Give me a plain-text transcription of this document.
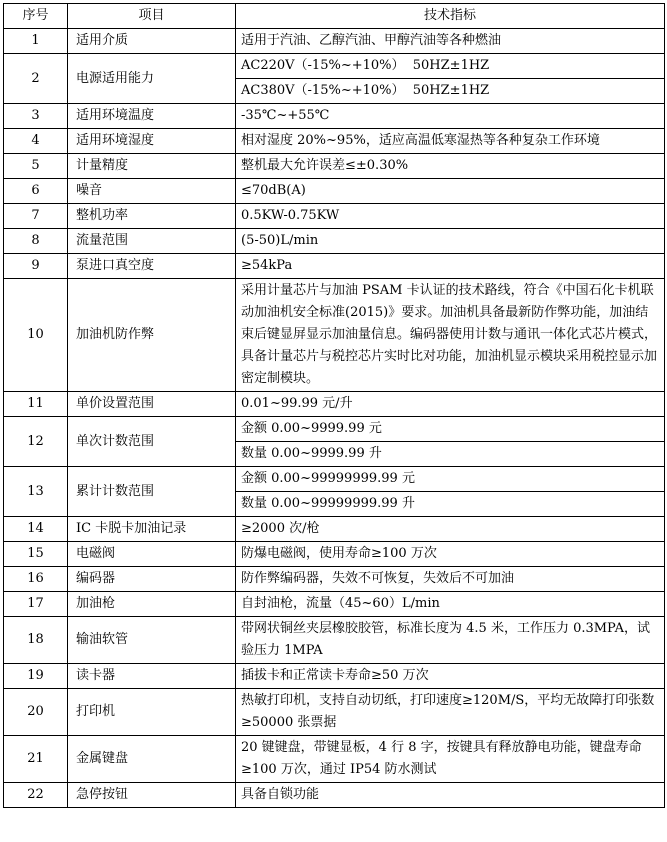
序号	项目	技术指标
1	适用介质	适用于汽油、乙醇汽油、甲醇汽油等各种燃油
2	电源适用能力	AC220V（-15%~+10%）  50HZ±1HZ
		AC380V（-15%~+10%）  50HZ±1HZ
3	适用环境温度	-35℃~+55℃
4	适用环境湿度	相对湿度 20%~95%，适应高温低寒湿热等各种复杂工作环境
5	计量精度	整机最大允许误差≤±0.30%
6	噪音	≤70dB(A)
7	整机功率	0.5KW-0.75KW
8	流量范围	(5-50)L/min
9	泵进口真空度	≥54kPa
10	加油机防作弊	采用计量芯片与加油 PSAM 卡认证的技术路线，符合《中国石化卡机联动加油机安全标准(2015)》要求。加油机具备最新防作弊功能，加油结束后键显屏显示加油量信息。编码器使用计数与通讯一体化式芯片模式，具备计量芯片与税控芯片实时比对功能，加油机显示模块采用税控显示加密定制模块。
11	单价设置范围	0.01~99.99 元/升
12	单次计数范围	金额 0.00~9999.99 元
		数量 0.00~9999.99 升
13	累计计数范围	金额 0.00~99999999.99 元
		数量 0.00~99999999.99 升
14	IC 卡脱卡加油记录	≥2000 次/枪
15	电磁阀	防爆电磁阀，使用寿命≥100 万次
16	编码器	防作弊编码器，失效不可恢复，失效后不可加油
17	加油枪	自封油枪，流量（45~60）L/min
18	输油软管	带网状铜丝夹层橡胶胶管，标准长度为 4.5 米，工作压力 0.3MPA，试验压力 1MPA
19	读卡器	插拔卡和正常读卡寿命≥50 万次
20	打印机	热敏打印机，支持自动切纸，打印速度≥120M/S，平均无故障打印张数≥50000 张票据
21	金属键盘	20 键键盘，带键显板，4 行 8 字，按键具有释放静电功能，键盘寿命≥100 万次，通过 IP54 防水测试
22	急停按钮	具备自锁功能
